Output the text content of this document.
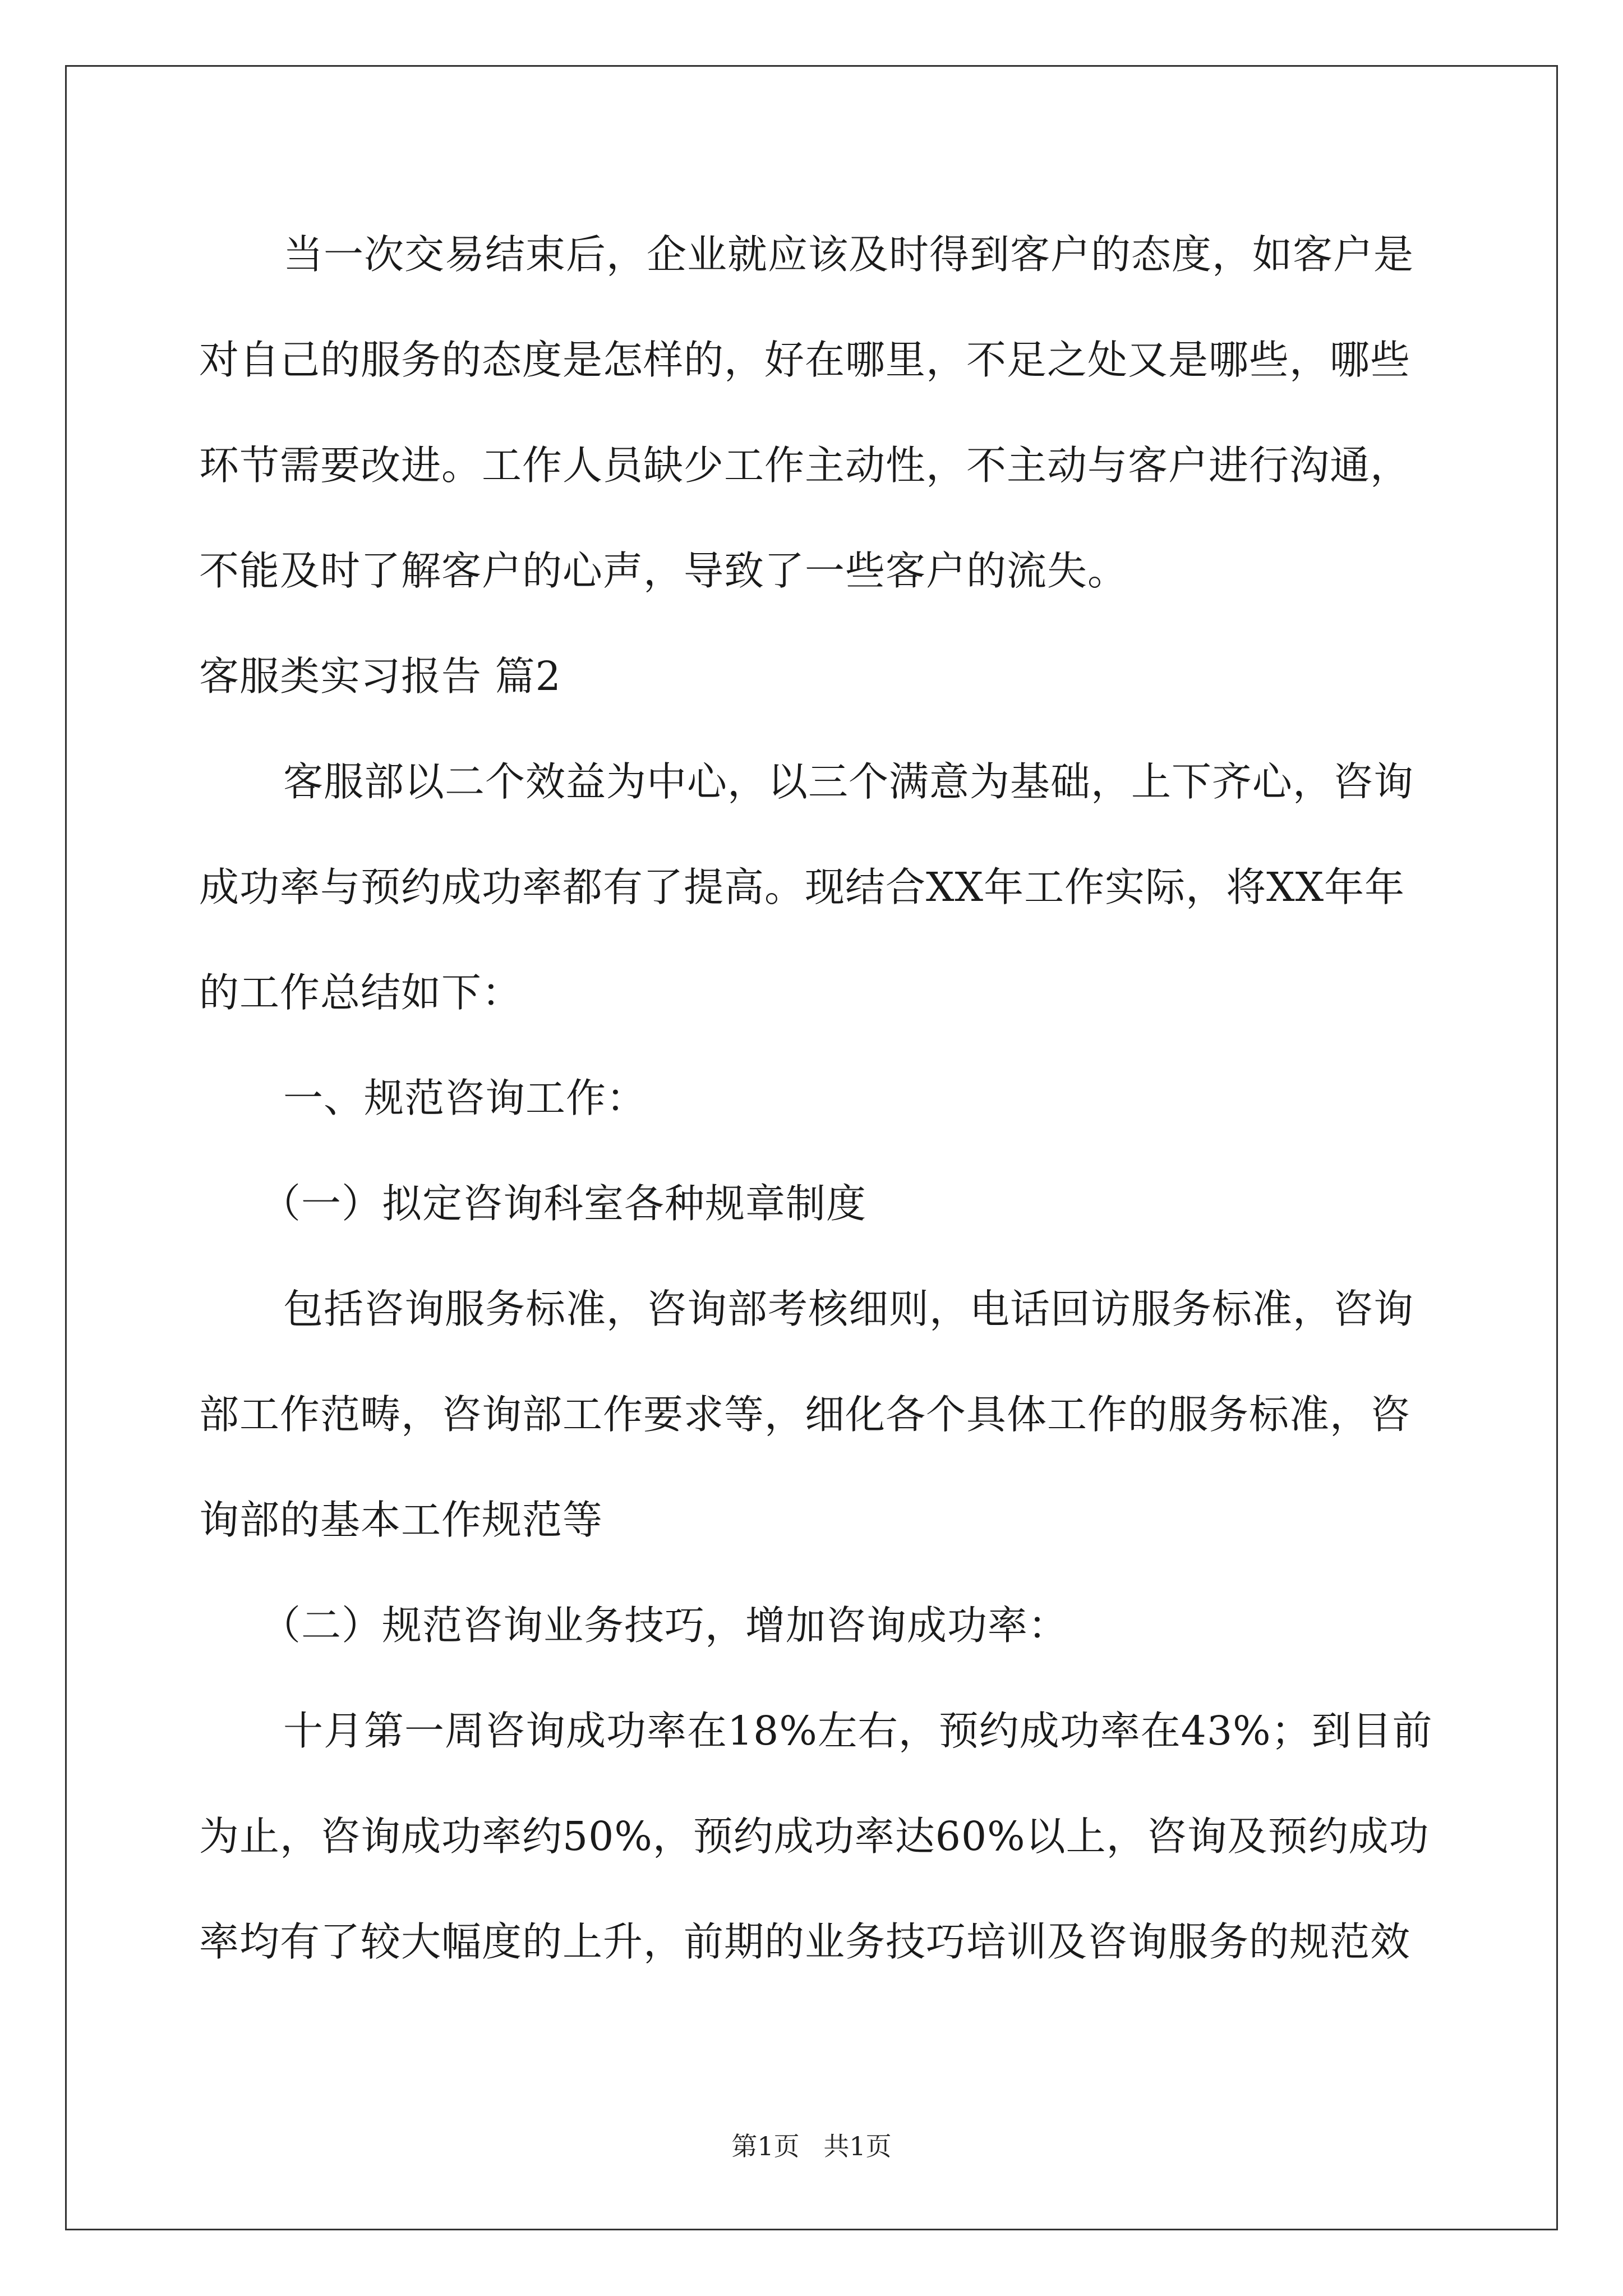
当一次交易结束后，企业就应该及时得到客户的态度，如客户是
对自己的服务的态度是怎样的，好在哪里，不足之处又是哪些，哪些
环节需要改进。工作人员缺少工作主动性，不主动与客户进行沟通，
不能及时了解客户的心声，导致了一些客户的流失。
客服类实习报告 篇2
客服部以二个效益为中心，以三个满意为基础，上下齐心，咨询
成功率与预约成功率都有了提高。现结合XX年工作实际，将XX年年
的工作总结如下：
一、规范咨询工作：
（一）拟定咨询科室各种规章制度
包括咨询服务标准，咨询部考核细则，电话回访服务标准，咨询
部工作范畴，咨询部工作要求等，细化各个具体工作的服务标准，咨
询部的基本工作规范等
（二）规范咨询业务技巧，增加咨询成功率：
十月第一周咨询成功率在18%左右，预约成功率在43%；到目前
为止，咨询成功率约50%，预约成功率达60%以上，咨询及预约成功
率均有了较大幅度的上升，前期的业务技巧培训及咨询服务的规范效
第1页 共1页
